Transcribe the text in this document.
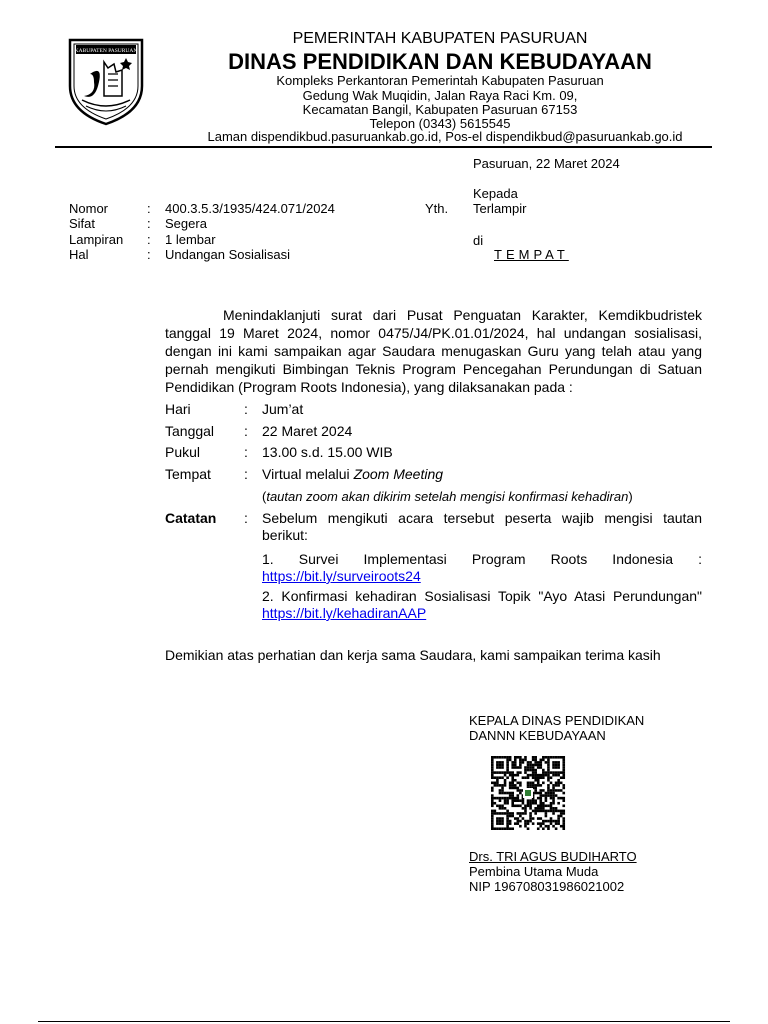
KABUPATEN PASURUAN
PEMERINTAH KABUPATEN PASURUAN
DINAS PENDIDIKAN DAN KEBUDAYAAN
Kompleks Perkantoran Pemerintah Kabupaten Pasuruan
Gedung Wak Muqidin, Jalan Raya Raci Km. 09,
Kecamatan Bangil, Kabupaten Pasuruan 67153
Telepon (0343) 5615545
Laman dispendikbud.pasuruankab.go.id, Pos-el dispendikbud@pasuruankab.go.id
Pasuruan, 22 Maret 2024
Kepada
Yth. Terlampir
di
TEMPAT
Nomor	: 400.3.5.3/1935/424.071/2024
Sifat	: Segera
Lampiran : 1 lembar
Hal	: Undangan Sosialisasi
Menindaklanjuti surat dari Pusat Penguatan Karakter, Kemdikbudristek tanggal 19 Maret 2024, nomor 0475/J4/PK.01.01/2024, hal undangan sosialisasi, dengan ini kami sampaikan agar Saudara menugaskan Guru yang telah atau yang pernah mengikuti Bimbingan Teknis Program Pencegahan Perundungan di Satuan Pendidikan (Program Roots Indonesia), yang dilaksanakan pada :
Hari	: Jum’at
Tanggal : 22 Maret 2024
Pukul	: 13.00 s.d. 15.00 WIB
Tempat : Virtual melalui Zoom Meeting
(tautan zoom akan dikirim setelah mengisi konfirmasi kehadiran)
Catatan : Sebelum mengikuti acara tersebut peserta wajib mengisi tautan berikut:
1. Survei Implementasi Program Roots Indonesia : https://bit.ly/surveiroots24
2. Konfirmasi kehadiran Sosialisasi Topik "Ayo Atasi Perundungan" https://bit.ly/kehadiranAAP
Demikian atas perhatian dan kerja sama Saudara, kami sampaikan terima kasih
KEPALA DINAS PENDIDIKAN
DANNN KEBUDAYAAN
Drs. TRI AGUS BUDIHARTO
Pembina Utama Muda
NIP 196708031986021002
